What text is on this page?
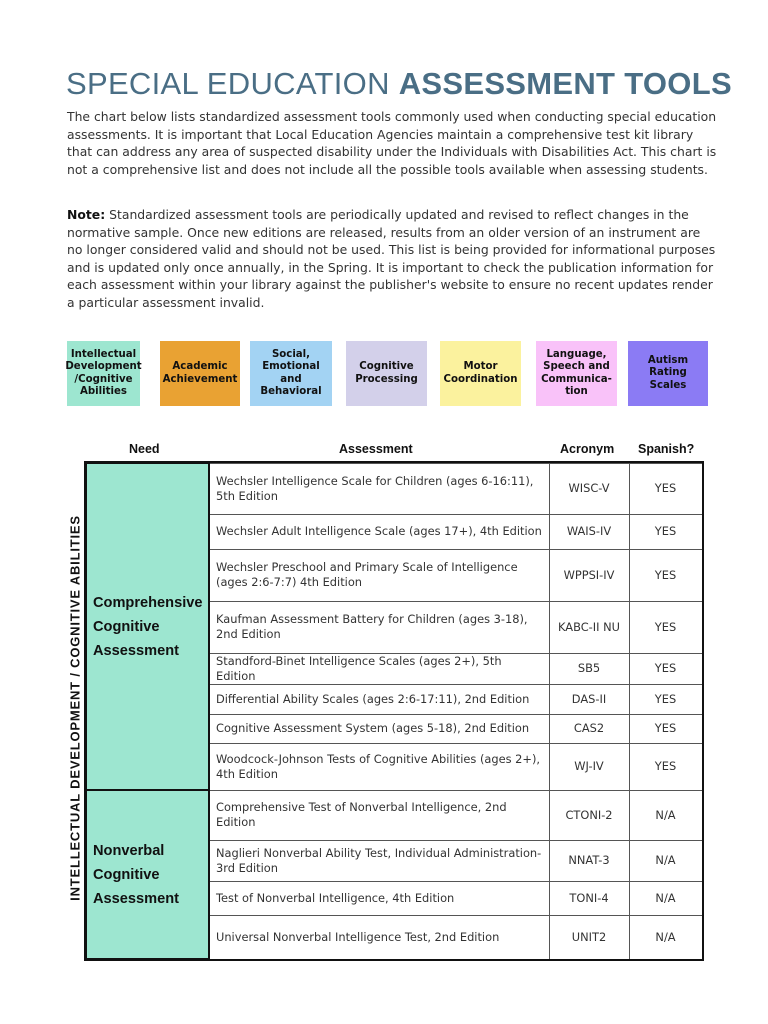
SPECIAL EDUCATION ASSESSMENT TOOLS

The chart below lists standardized assessment tools commonly used when conducting special education assessments. It is important that Local Education Agencies maintain a comprehensive test kit library that can address any area of suspected disability under the Individuals with Disabilities Act. This chart is not a comprehensive list and does not include all the possible tools available when assessing students.

Note: Standardized assessment tools are periodically updated and revised to reflect changes in the normative sample. Once new editions are released, results from an older version of an instrument are no longer considered valid and should not be used. This list is being provided for informational purposes and is updated only once annually, in the Spring. It is important to check the publication information for each assessment within your library against the publisher's website to ensure no recent updates render a particular assessment invalid.

Intellectual Development /Cognitive Abilities
Academic Achievement
Social, Emotional and Behavioral
Cognitive Processing
Motor Coordination
Language, Speech and Communica-tion
Autism Rating Scales
Need	Assessment	Acronym Spanish?
INTELLECTUAL DEVELOPMENT / COGNITIVE ABILITIES Comprehensive Cognitive Assessment	Wechsler Intelligence Scale for Children (ages 6-16:11), 5th Edition	WISC-V	YES
	Wechsler Adult Intelligence Scale (ages 17+), 4th Edition	WAIS-IV	YES
	Wechsler Preschool and Primary Scale of Intelligence (ages 2:6-7:7) 4th Edition	WPPSI-IV	YES
	Kaufman Assessment Battery for Children (ages 3-18), 2nd Edition	KABC-II NU	YES
	Standford-Binet Intelligence Scales (ages 2+), 5th Edition	SB5	YES
	Differential Ability Scales (ages 2:6-17:11), 2nd Edition	DAS-II	YES
	Cognitive Assessment System (ages 5-18), 2nd Edition	CAS2	YES
	Woodcock-Johnson Tests of Cognitive Abilities (ages 2+), 4th Edition	WJ-IV	YES
Nonverbal Cognitive Assessment	Comprehensive Test of Nonverbal Intelligence, 2nd Edition	CTONI-2	N/A
	Naglieri Nonverbal Ability Test, Individual Administration-3rd Edition	NNAT-3	N/A
	Test of Nonverbal Intelligence, 4th Edition	TONI-4	N/A
	Universal Nonverbal Intelligence Test, 2nd Edition	UNIT2	N/A
